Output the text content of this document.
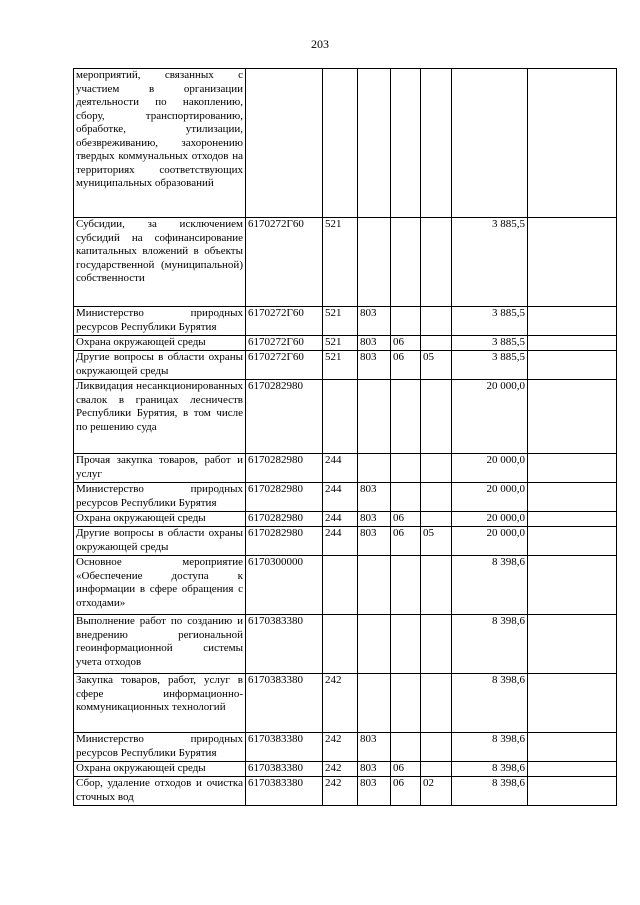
203
мероприятий, связанных с участием в организации деятельности по накоплению, сбору, транспортированию, обработке, утилизации, обезвреживанию, захоронению твердых коммунальных отходов на территориях соответствующих муниципальных образований							
Субсидии, за исключением субсидий на софинансирование капитальных вложений в объекты государственной (муниципальной) собственности	6170272Г60	521				3 885,5	
Министерство природных ресурсов Республики Бурятия	6170272Г60	521	803			3 885,5	
Охрана окружающей среды	6170272Г60	521	803	06		3 885,5	
Другие вопросы в области охраны окружающей среды	6170272Г60	521	803	06	05	3 885,5	
Ликвидация несанкционированных свалок в границах лесничеств Республики Бурятия, в том числе по решению суда	6170282980					20 000,0	
Прочая закупка товаров, работ и услуг	6170282980	244				20 000,0	
Министерство природных ресурсов Республики Бурятия	6170282980	244	803			20 000,0	
Охрана окружающей среды	6170282980	244	803	06		20 000,0	
Другие вопросы в области охраны окружающей среды	6170282980	244	803	06	05	20 000,0	
Основное мероприятие «Обеспечение доступа к информации в сфере обращения с отходами»	6170300000					8 398,6	
Выполнение работ по созданию и внедрению региональной геоинформационной системы учета отходов	6170383380					8 398,6	
Закупка товаров, работ, услуг в сфере информационно-коммуникационных технологий	6170383380	242				8 398,6	
Министерство природных ресурсов Республики Бурятия	6170383380	242	803			8 398,6	
Охрана окружающей среды	6170383380	242	803	06		8 398,6	
Сбор, удаление отходов и очистка сточных вод	6170383380	242	803	06	02	8 398,6	
